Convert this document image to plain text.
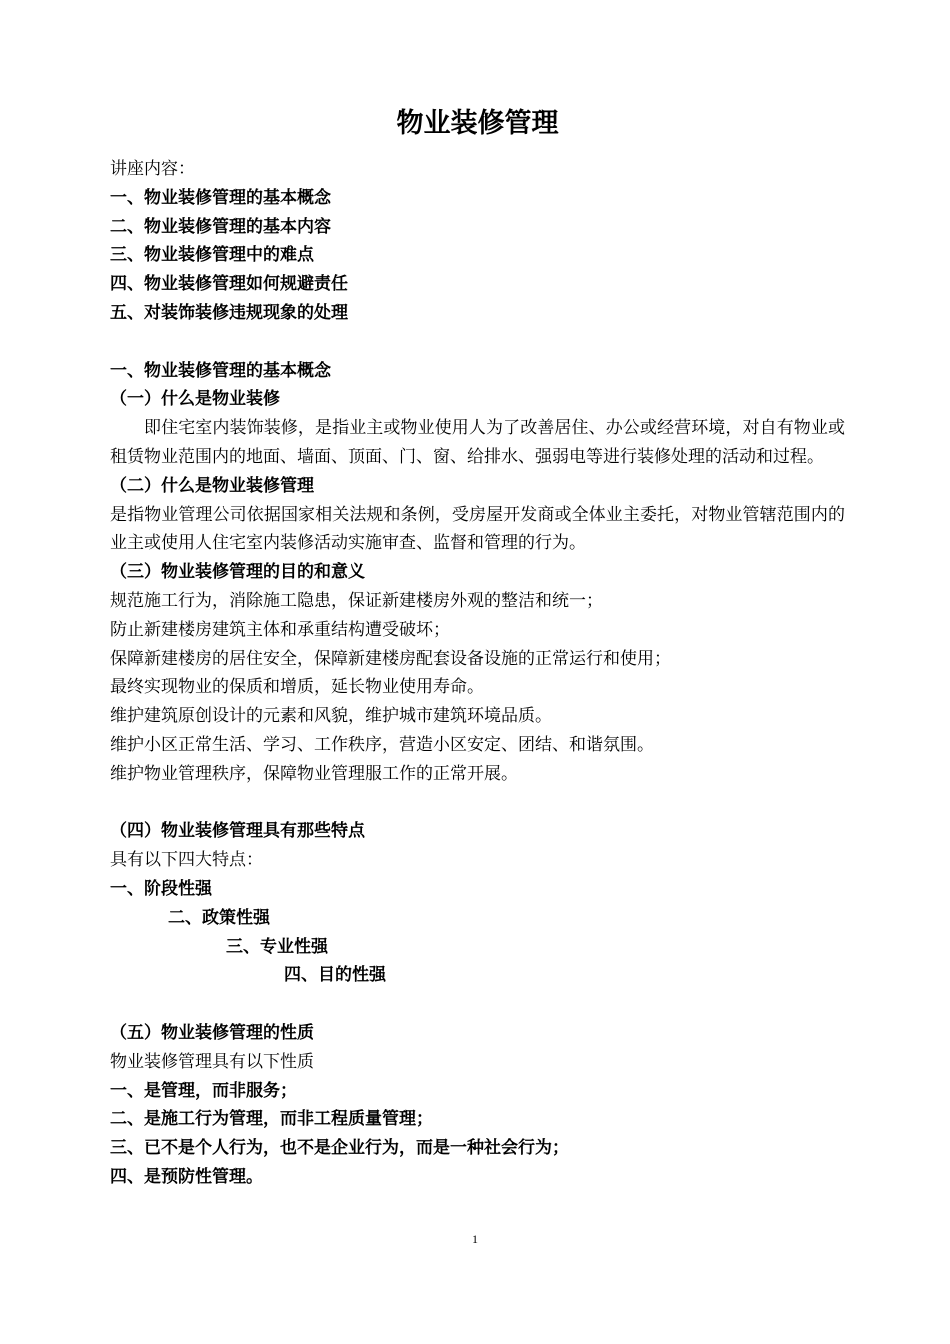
物业装修管理
讲座内容：
一、物业装修管理的基本概念
二、物业装修管理的基本内容
三、物业装修管理中的难点
四、物业装修管理如何规避责任
五、对装饰装修违规现象的处理
一、物业装修管理的基本概念
（一）什么是物业装修
即住宅室内装饰装修，是指业主或物业使用人为了改善居住、办公或经营环境，对自有物业或租赁物业范围内的地面、墙面、顶面、门、窗、给排水、强弱电等进行装修处理的活动和过程。
（二）什么是物业装修管理
是指物业管理公司依据国家相关法规和条例，受房屋开发商或全体业主委托，对物业管辖范围内的业主或使用人住宅室内装修活动实施审查、监督和管理的行为。
（三）物业装修管理的目的和意义
规范施工行为，消除施工隐患，保证新建楼房外观的整洁和统一；
防止新建楼房建筑主体和承重结构遭受破坏；
保障新建楼房的居住安全，保障新建楼房配套设备设施的正常运行和使用；
最终实现物业的保质和增质，延长物业使用寿命。
维护建筑原创设计的元素和风貌，维护城市建筑环境品质。
维护小区正常生活、学习、工作秩序，营造小区安定、团结、和谐氛围。
维护物业管理秩序，保障物业管理服工作的正常开展。
（四）物业装修管理具有那些特点
具有以下四大特点：
一、阶段性强
二、政策性强
三、专业性强
四、目的性强
（五）物业装修管理的性质
物业装修管理具有以下性质
一、是管理，而非服务；
二、是施工行为管理，而非工程质量管理；
三、已不是个人行为，也不是企业行为，而是一种社会行为；
四、是预防性管理。
1
